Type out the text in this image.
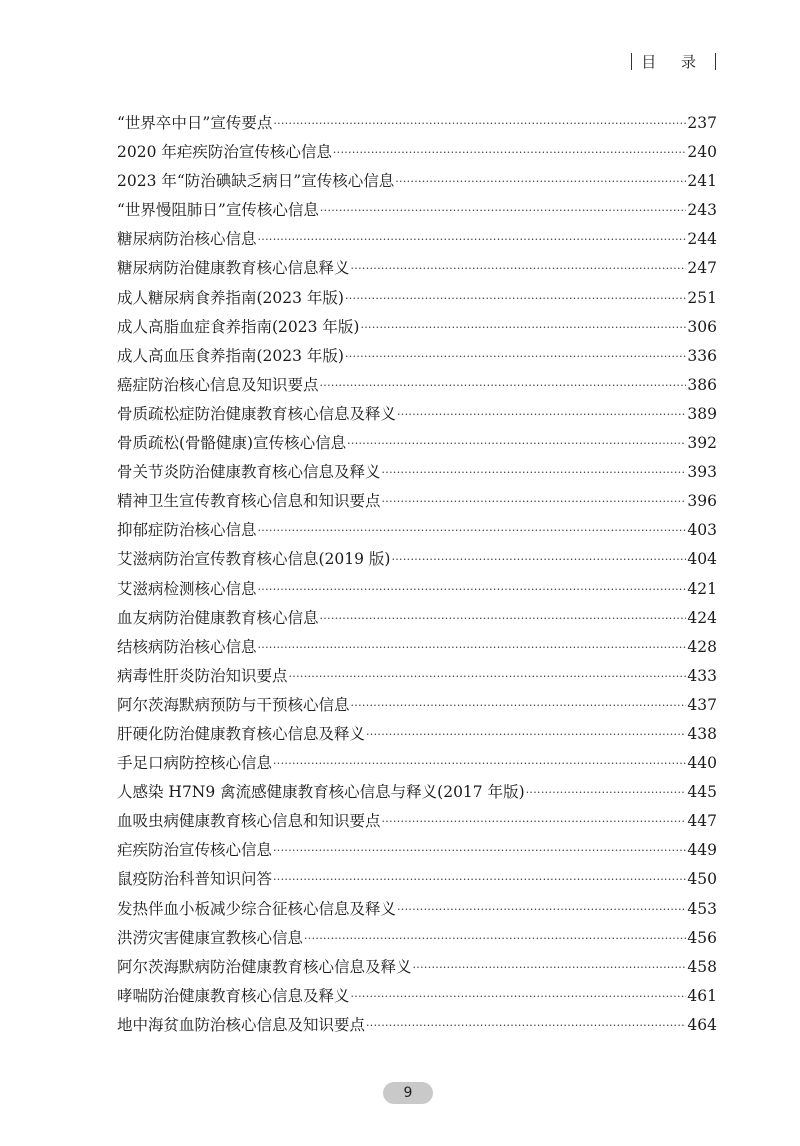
目 录
“世界卒中日”宣传要点 ·····	237
2020 年疟疾防治宣传核心信息 ·····	240
2023 年“防治碘缺乏病日”宣传核心信息 ·····	241
“世界慢阻肺日”宣传核心信息 ·····	243
糖尿病防治核心信息 ·····	244
糖尿病防治健康教育核心信息释义 ·····	247
成人糖尿病食养指南(2023 年版) ·····	251
成人高脂血症食养指南(2023 年版) ·····	306
成人高血压食养指南(2023 年版) ·····	336
癌症防治核心信息及知识要点 ·····	386
骨质疏松症防治健康教育核心信息及释义 ·····	389
骨质疏松(骨骼健康)宣传核心信息 ·····	392
骨关节炎防治健康教育核心信息及释义 ·····	393
精神卫生宣传教育核心信息和知识要点 ·····	396
抑郁症防治核心信息 ·····	403
艾滋病防治宣传教育核心信息(2019 版) ·····	404
艾滋病检测核心信息 ·····	421
血友病防治健康教育核心信息 ·····	424
结核病防治核心信息 ·····	428
病毒性肝炎防治知识要点 ·····	433
阿尔茨海默病预防与干预核心信息 ·····	437
肝硬化防治健康教育核心信息及释义 ·····	438
手足口病防控核心信息 ·····	440
人感染 H7N9 禽流感健康教育核心信息与释义(2017 年版) ·····	445
血吸虫病健康教育核心信息和知识要点 ·····	447
疟疾防治宣传核心信息 ·····	449
鼠疫防治科普知识问答 ·····	450
发热伴血小板减少综合征核心信息及释义 ·····	453
洪涝灾害健康宣教核心信息 ·····	456
阿尔茨海默病防治健康教育核心信息及释义 ·····	458
哮喘防治健康教育核心信息及释义 ·····	461
地中海贫血防治核心信息及知识要点 ·····	464
9
